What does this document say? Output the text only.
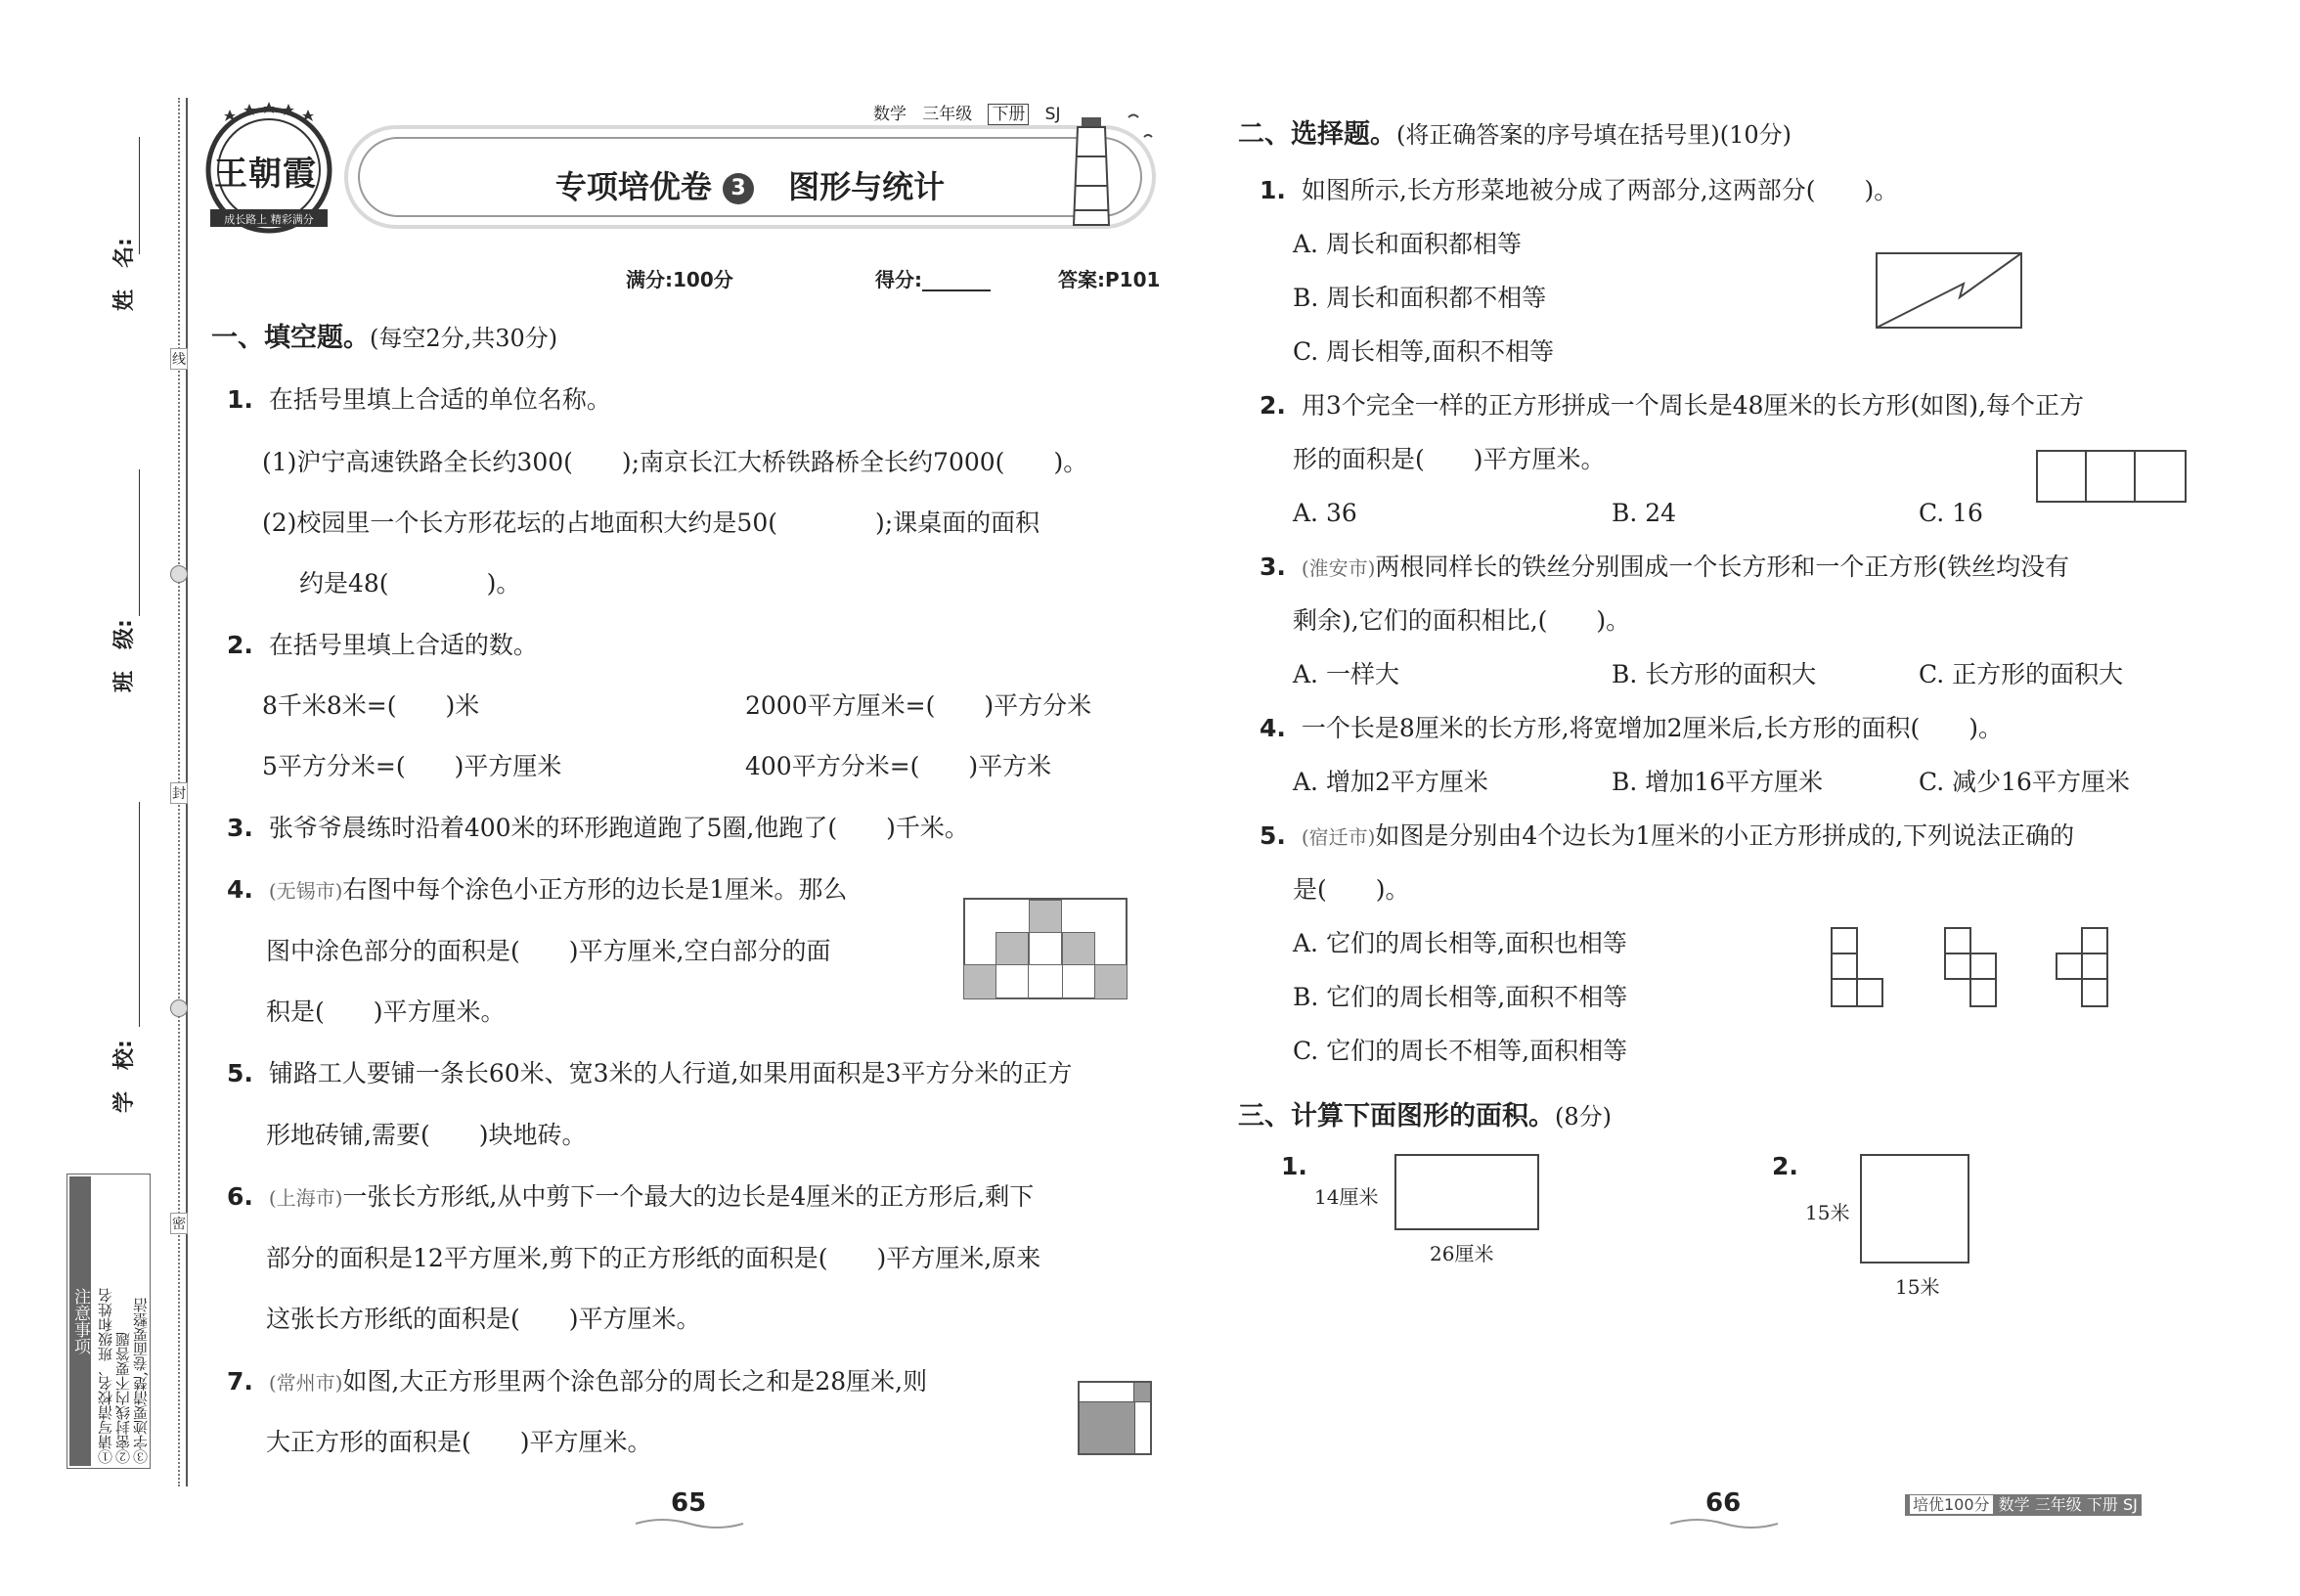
线
封
密
姓　名:
班　级:
学　校:
注意事项 ①请写清校名、班级和姓名 ②密封线内不要答题 ③字迹要清楚,卷面要整洁
王朝霞
成长路上 精彩满分
专项培优卷 3 图形与统计
数学 三年级 下册 SJ
满分:100分	得分:_______	答案:P101
一、填空题。(每空2分,共30分)
1. 在括号里填上合适的单位名称。
(1)沪宁高速铁路全长约300(　　);南京长江大桥铁路桥全长约7000(　　)。
(2)校园里一个长方形花坛的占地面积大约是50(　　　　);课桌面的面积
约是48(　　　　)。
2. 在括号里填上合适的数。
8千米8米=(　　)米	2000平方厘米=(　　)平方分米
5平方分米=(　　)平方厘米	400平方分米=(　　)平方米
3. 张爷爷晨练时沿着400米的环形跑道跑了5圈,他跑了(　　)千米。
4. (无锡市)右图中每个涂色小正方形的边长是1厘米。那么
图中涂色部分的面积是(　　)平方厘米,空白部分的面
积是(　　)平方厘米。
5. 铺路工人要铺一条长60米、宽3米的人行道,如果用面积是3平方分米的正方
形地砖铺,需要(　　)块地砖。
6. (上海市)一张长方形纸,从中剪下一个最大的边长是4厘米的正方形后,剩下
部分的面积是12平方厘米,剪下的正方形纸的面积是(　　)平方厘米,原来
这张长方形纸的面积是(　　)平方厘米。
7. (常州市)如图,大正方形里两个涂色部分的周长之和是28厘米,则
大正方形的面积是(　　)平方厘米。
二、选择题。(将正确答案的序号填在括号里)(10分)
1. 如图所示,长方形菜地被分成了两部分,这两部分(　　)。
A. 周长和面积都相等
B. 周长和面积都不相等
C. 周长相等,面积不相等
2. 用3个完全一样的正方形拼成一个周长是48厘米的长方形(如图),每个正方
形的面积是(　　)平方厘米。
A. 36	B. 24	C. 16
3. (淮安市)两根同样长的铁丝分别围成一个长方形和一个正方形(铁丝均没有
剩余),它们的面积相比,(　　)。
A. 一样大	B. 长方形的面积大	C. 正方形的面积大
4. 一个长是8厘米的长方形,将宽增加2厘米后,长方形的面积(　　)。
A. 增加2平方厘米	B. 增加16平方厘米	C. 减少16平方厘米
5. (宿迁市)如图是分别由4个边长为1厘米的小正方形拼成的,下列说法正确的
是(　　)。
A. 它们的周长相等,面积也相等
B. 它们的周长相等,面积不相等
C. 它们的周长不相等,面积相等
三、计算下面图形的面积。(8分)
1.
14厘米
26厘米
2.
15米
15米
65	66	培优100分 数学 三年级 下册 SJ
